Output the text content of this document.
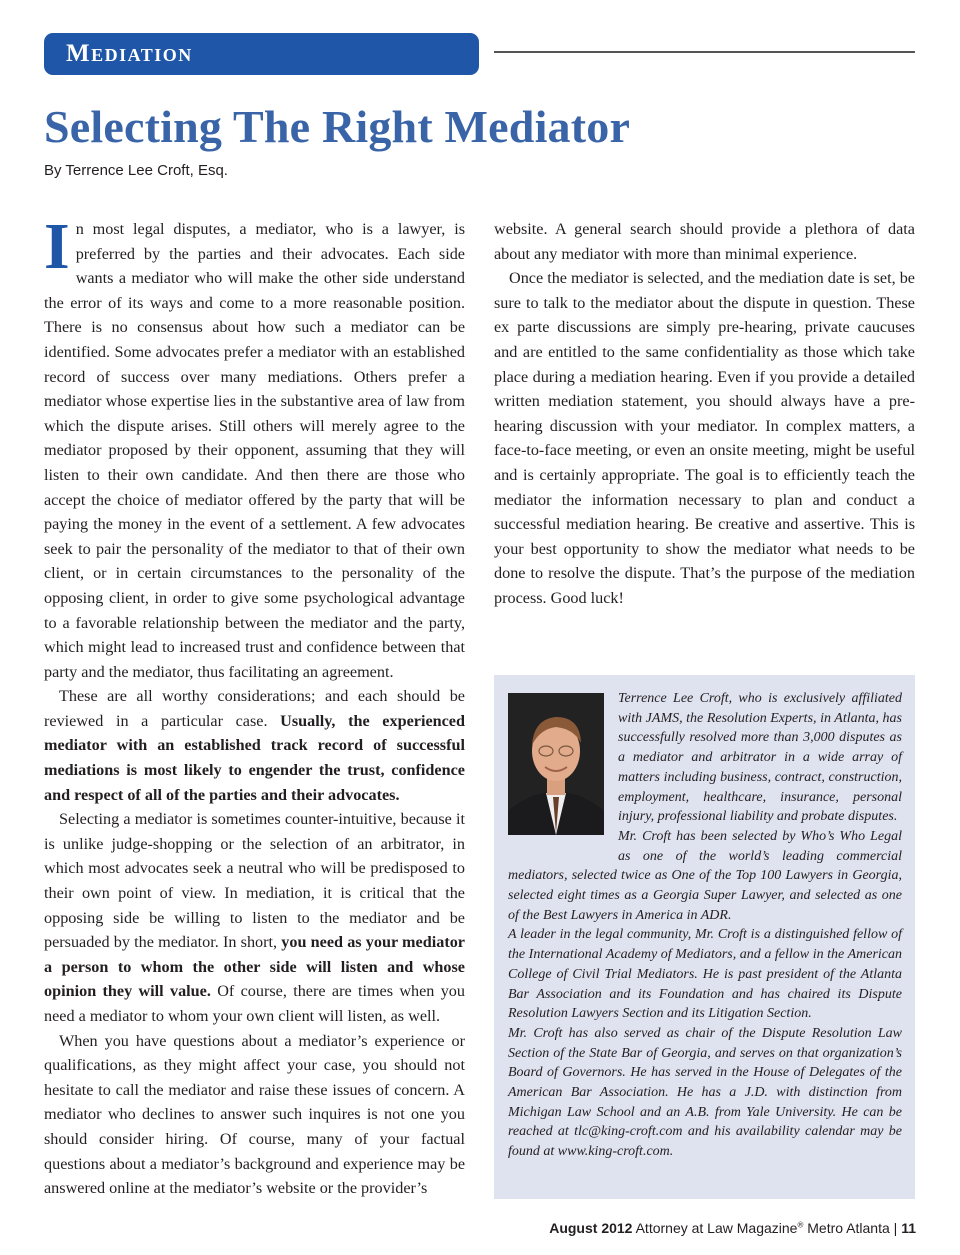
Mediation
Selecting The Right Mediator
By Terrence Lee Croft, Esq.

In most legal disputes, a mediator, who is a lawyer, is preferred by the parties and their advocates. Each side wants a mediator who will make the other side understand the error of its ways and come to a more reasonable position. There is no consensus about how such a mediator can be identified. Some advocates prefer a mediator with an established record of success over many mediations. Others prefer a mediator whose expertise lies in the substantive area of law from which the dispute arises. Still others will merely agree to the mediator proposed by their opponent, assuming that they will listen to their own candidate. And then there are those who accept the choice of mediator offered by the party that will be paying the money in the event of a settlement. A few advocates seek to pair the personality of the mediator to that of their own client, or in certain circumstances to the personality of the opposing client, in order to give some psychological advantage to a favorable relationship between the mediator and the party, which might lead to increased trust and confidence between that party and the mediator, thus facilitating an agreement.

These are all worthy considerations; and each should be reviewed in a particular case. Usually, the experienced mediator with an established track record of successful mediations is most likely to engender the trust, confidence and respect of all of the parties and their advocates.

Selecting a mediator is sometimes counter-intuitive, because it is unlike judge-shopping or the selection of an arbitrator, in which most advocates seek a neutral who will be predisposed to their own point of view. In mediation, it is critical that the opposing side be willing to listen to the mediator and be persuaded by the mediator. In short, you need as your mediator a person to whom the other side will listen and whose opinion they will value. Of course, there are times when you need a mediator to whom your own client will listen, as well.

When you have questions about a mediator’s experience or qualifications, as they might affect your case, you should not hesitate to call the mediator and raise these issues of concern. A mediator who declines to answer such inquires is not one you should consider hiring. Of course, many of your factual questions about a mediator’s background and experience may be answered online at the mediator’s website or the provider’s

website. A general search should provide a plethora of data about any mediator with more than minimal experience.

Once the mediator is selected, and the mediation date is set, be sure to talk to the mediator about the dispute in question. These ex parte discussions are simply pre-hearing, private caucuses and are entitled to the same confidentiality as those which take place during a mediation hearing. Even if you provide a detailed written mediation statement, you should always have a pre-hearing discussion with your mediator. In complex matters, a face-to-face meeting, or even an onsite meeting, might be useful and is certainly appropriate. The goal is to efficiently teach the mediator the information necessary to plan and conduct a successful mediation hearing. Be creative and assertive. This is your best opportunity to show the mediator what needs to be done to resolve the dispute. That’s the purpose of the mediation process. Good luck!

Terrence Lee Croft, who is exclusively affiliated with JAMS, the Resolution Experts, in Atlanta, has successfully resolved more than 3,000 disputes as a mediator and arbitrator in a wide array of matters including business, contract, construction, employment, healthcare, insurance, personal injury, professional liability and probate disputes.

Mr. Croft has been selected by Who’s Who Legal as one of the world’s leading commercial mediators, selected twice as One of the Top 100 Lawyers in Georgia, selected eight times as a Georgia Super Lawyer, and selected as one of the Best Lawyers in America in ADR.

A leader in the legal community, Mr. Croft is a distinguished fellow of the International Academy of Mediators, and a fellow in the American College of Civil Trial Mediators. He is past president of the Atlanta Bar Association and its Foundation and has chaired its Dispute Resolution Lawyers Section and its Litigation Section.

Mr. Croft has also served as chair of the Dispute Resolution Law Section of the State Bar of Georgia, and serves on that organization’s Board of Governors. He has served in the House of Delegates of the American Bar Association. He has a J.D. with distinction from Michigan Law School and an A.B. from Yale University. He can be reached at tlc@king-croft.com and his availability calendar may be found at www.king-croft.com.

August 2012 Attorney at Law Magazine® Metro Atlanta | 11
